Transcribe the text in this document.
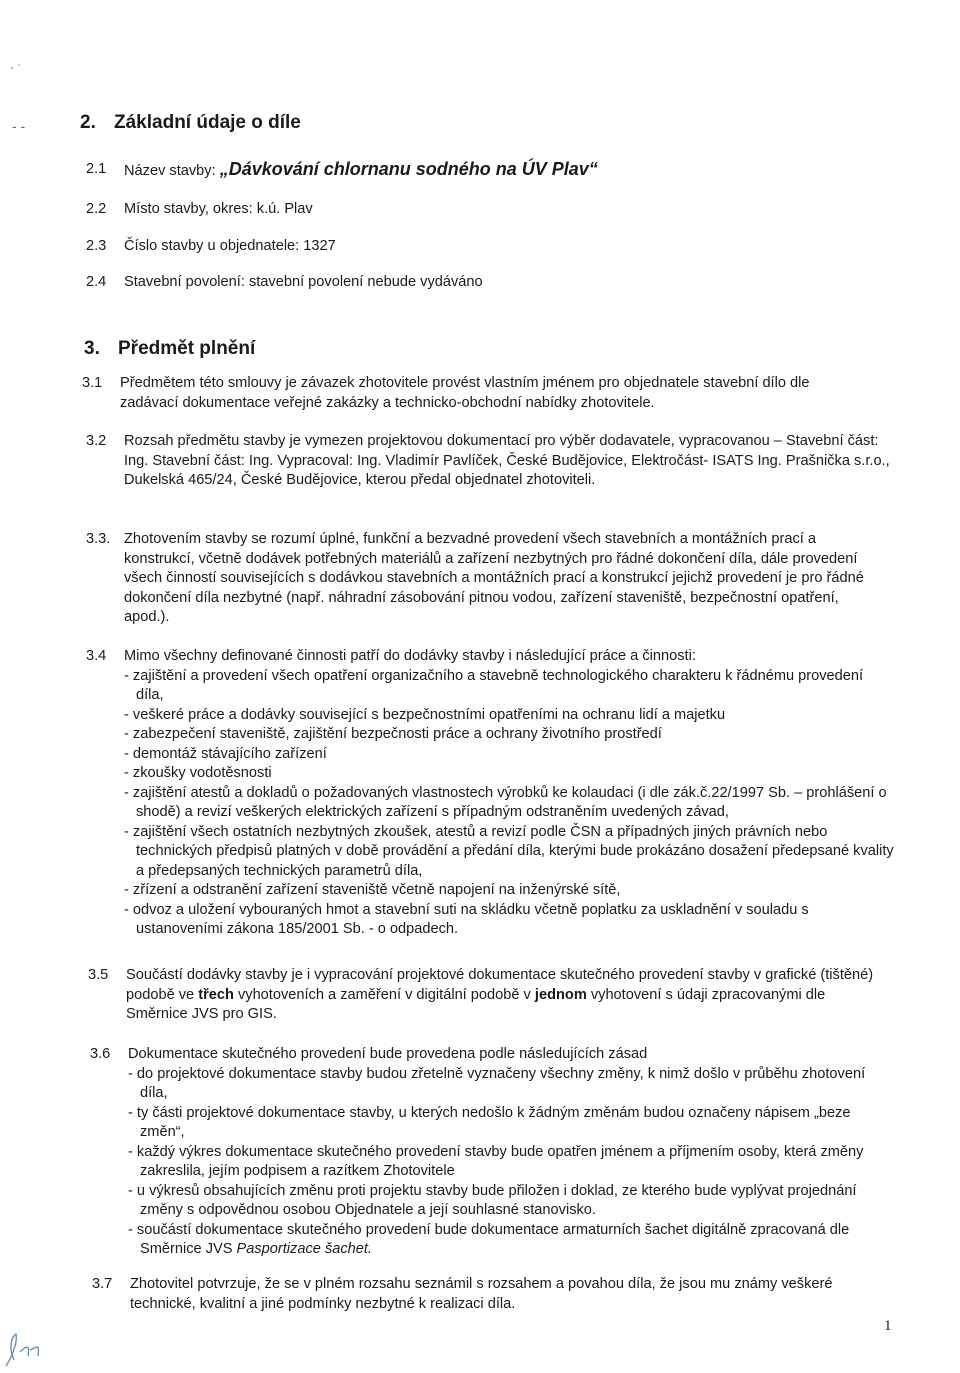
‧ ˈ
‑ ‑	2. Základní údaje o díle
2.1 Název stavby: „Dávkování chlornanu sodného na ÚV Plav“
2.2 Místo stavby, okres: k.ú. Plav
2.3 Číslo stavby u objednatele: 1327
2.4 Stavební povolení: stavební povolení nebude vydáváno
3. Předmět plnění
3.1 Předmětem této smlouvy je závazek zhotovitele provést vlastním jménem pro objednatele stavební dílo dle zadávací dokumentace veřejné zakázky a technicko-obchodní nabídky zhotovitele.
3.2 Rozsah předmětu stavby je vymezen projektovou dokumentací pro výběr dodavatele, vypracovanou – Stavební část: Ing. Stavební část: Ing. Vypracoval: Ing. Vladimír Pavlíček, České Budějovice, Elektročást- ISATS Ing. Prašnička s.r.o., Dukelská 465/24, České Budějovice, kterou předal objednatel zhotoviteli.
3.3. Zhotovením stavby se rozumí úplné, funkční a bezvadné provedení všech stavebních a montážních prací a konstrukcí, včetně dodávek potřebných materiálů a zařízení nezbytných pro řádné dokončení díla, dále provedení všech činností souvisejících s dodávkou stavebních a montážních prací a konstrukcí jejichž provedení je pro řádné dokončení díla nezbytné (např. náhradní zásobování pitnou vodou, zařízení staveniště, bezpečnostní opatření, apod.).
3.4 Mimo všechny definované činnosti patří do dodávky stavby i následující práce a činnosti:
- zajištění a provedení všech opatření organizačního a stavebně technologického charakteru k řádnému provedení díla,
- veškeré práce a dodávky související s bezpečnostními opatřeními na ochranu lidí a majetku
- zabezpečení staveniště, zajištění bezpečnosti práce a ochrany životního prostředí
- demontáž stávajícího zařízení
- zkoušky vodotěsnosti
- zajištění atestů a dokladů o požadovaných vlastnostech výrobků ke kolaudaci (i dle zák.č.22/1997 Sb. – prohlášení o shodě) a revizí veškerých elektrických zařízení s případným odstraněním uvedených závad,
- zajištění všech ostatních nezbytných zkoušek, atestů a revizí podle ČSN a případných jiných právních nebo technických předpisů platných v době provádění a předání díla, kterými bude prokázáno dosažení předepsané kvality a předepsaných technických parametrů díla,
- zřízení a odstranění zařízení staveniště včetně napojení na inženýrské sítě,
- odvoz a uložení vybouraných hmot a stavební suti na skládku včetně poplatku za uskladnění v souladu s ustanoveními zákona 185/2001 Sb. - o odpadech.
3.5 Součástí dodávky stavby je i vypracování projektové dokumentace skutečného provedení stavby v grafické (tištěné) podobě ve třech vyhotoveních a zaměření v digitální podobě v jednom vyhotovení s údaji zpracovanými dle Směrnice JVS pro GIS.
3.6 Dokumentace skutečného provedení bude provedena podle následujících zásad
- do projektové dokumentace stavby budou zřetelně vyznačeny všechny změny, k nimž došlo v průběhu zhotovení díla,
- ty části projektové dokumentace stavby, u kterých nedošlo k žádným změnám budou označeny nápisem „beze změn“,
- každý výkres dokumentace skutečného provedení stavby bude opatřen jménem a příjmením osoby, která změny zakreslila, jejím podpisem a razítkem Zhotovitele
- u výkresů obsahujících změnu proti projektu stavby bude přiložen i doklad, ze kterého bude vyplývat projednání změny s odpovědnou osobou Objednatele a její souhlasné stanovisko.
- součástí dokumentace skutečného provedení bude dokumentace armaturních šachet digitálně zpracovaná dle Směrnice JVS Pasportizace šachet.
3.7 Zhotovitel potvrzuje, že se v plném rozsahu seznámil s rozsahem a povahou díla, že jsou mu známy veškeré technické, kvalitní a jiné podmínky nezbytné k realizaci díla.
1
